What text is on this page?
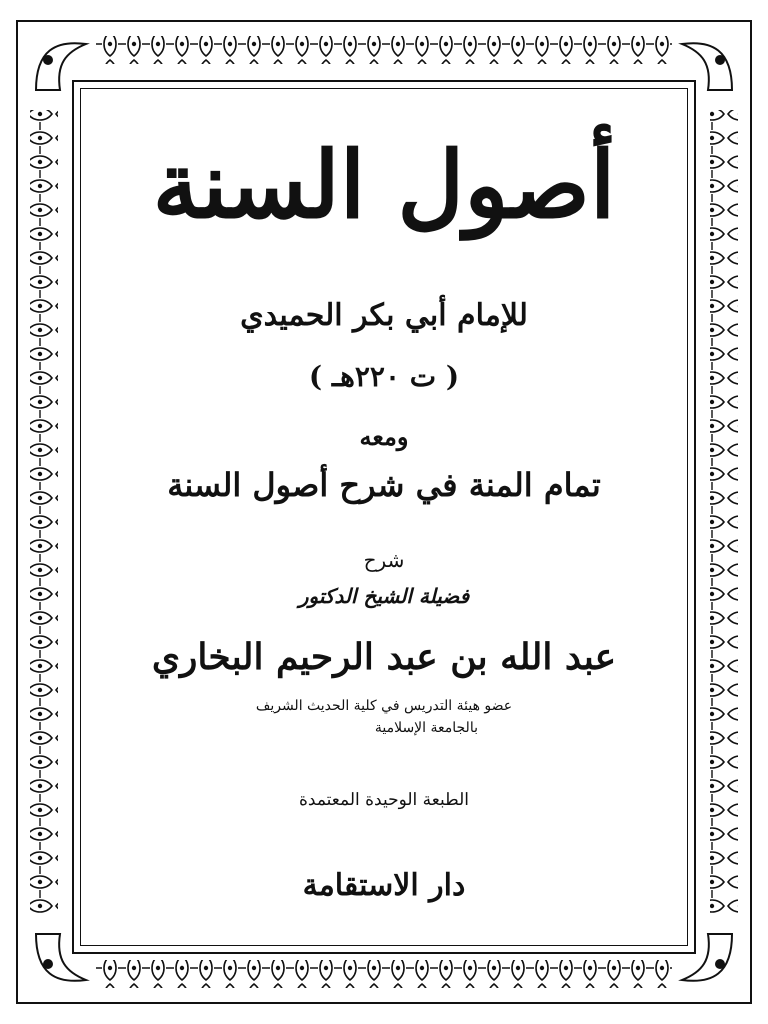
أصول السنة
للإمام أبي بكر الحميدي
( ت ٢٢٠هـ )
ومعه
تمام المنة في شرح أصول السنة
شرح
فضيلة الشيخ الدكتور
عبد الله بن عبد الرحيم البخاري
عضو هيئة التدريس في كلية الحديث الشريف
بالجامعة الإسلامية
الطبعة الوحيدة المعتمدة
دار الاستقامة
